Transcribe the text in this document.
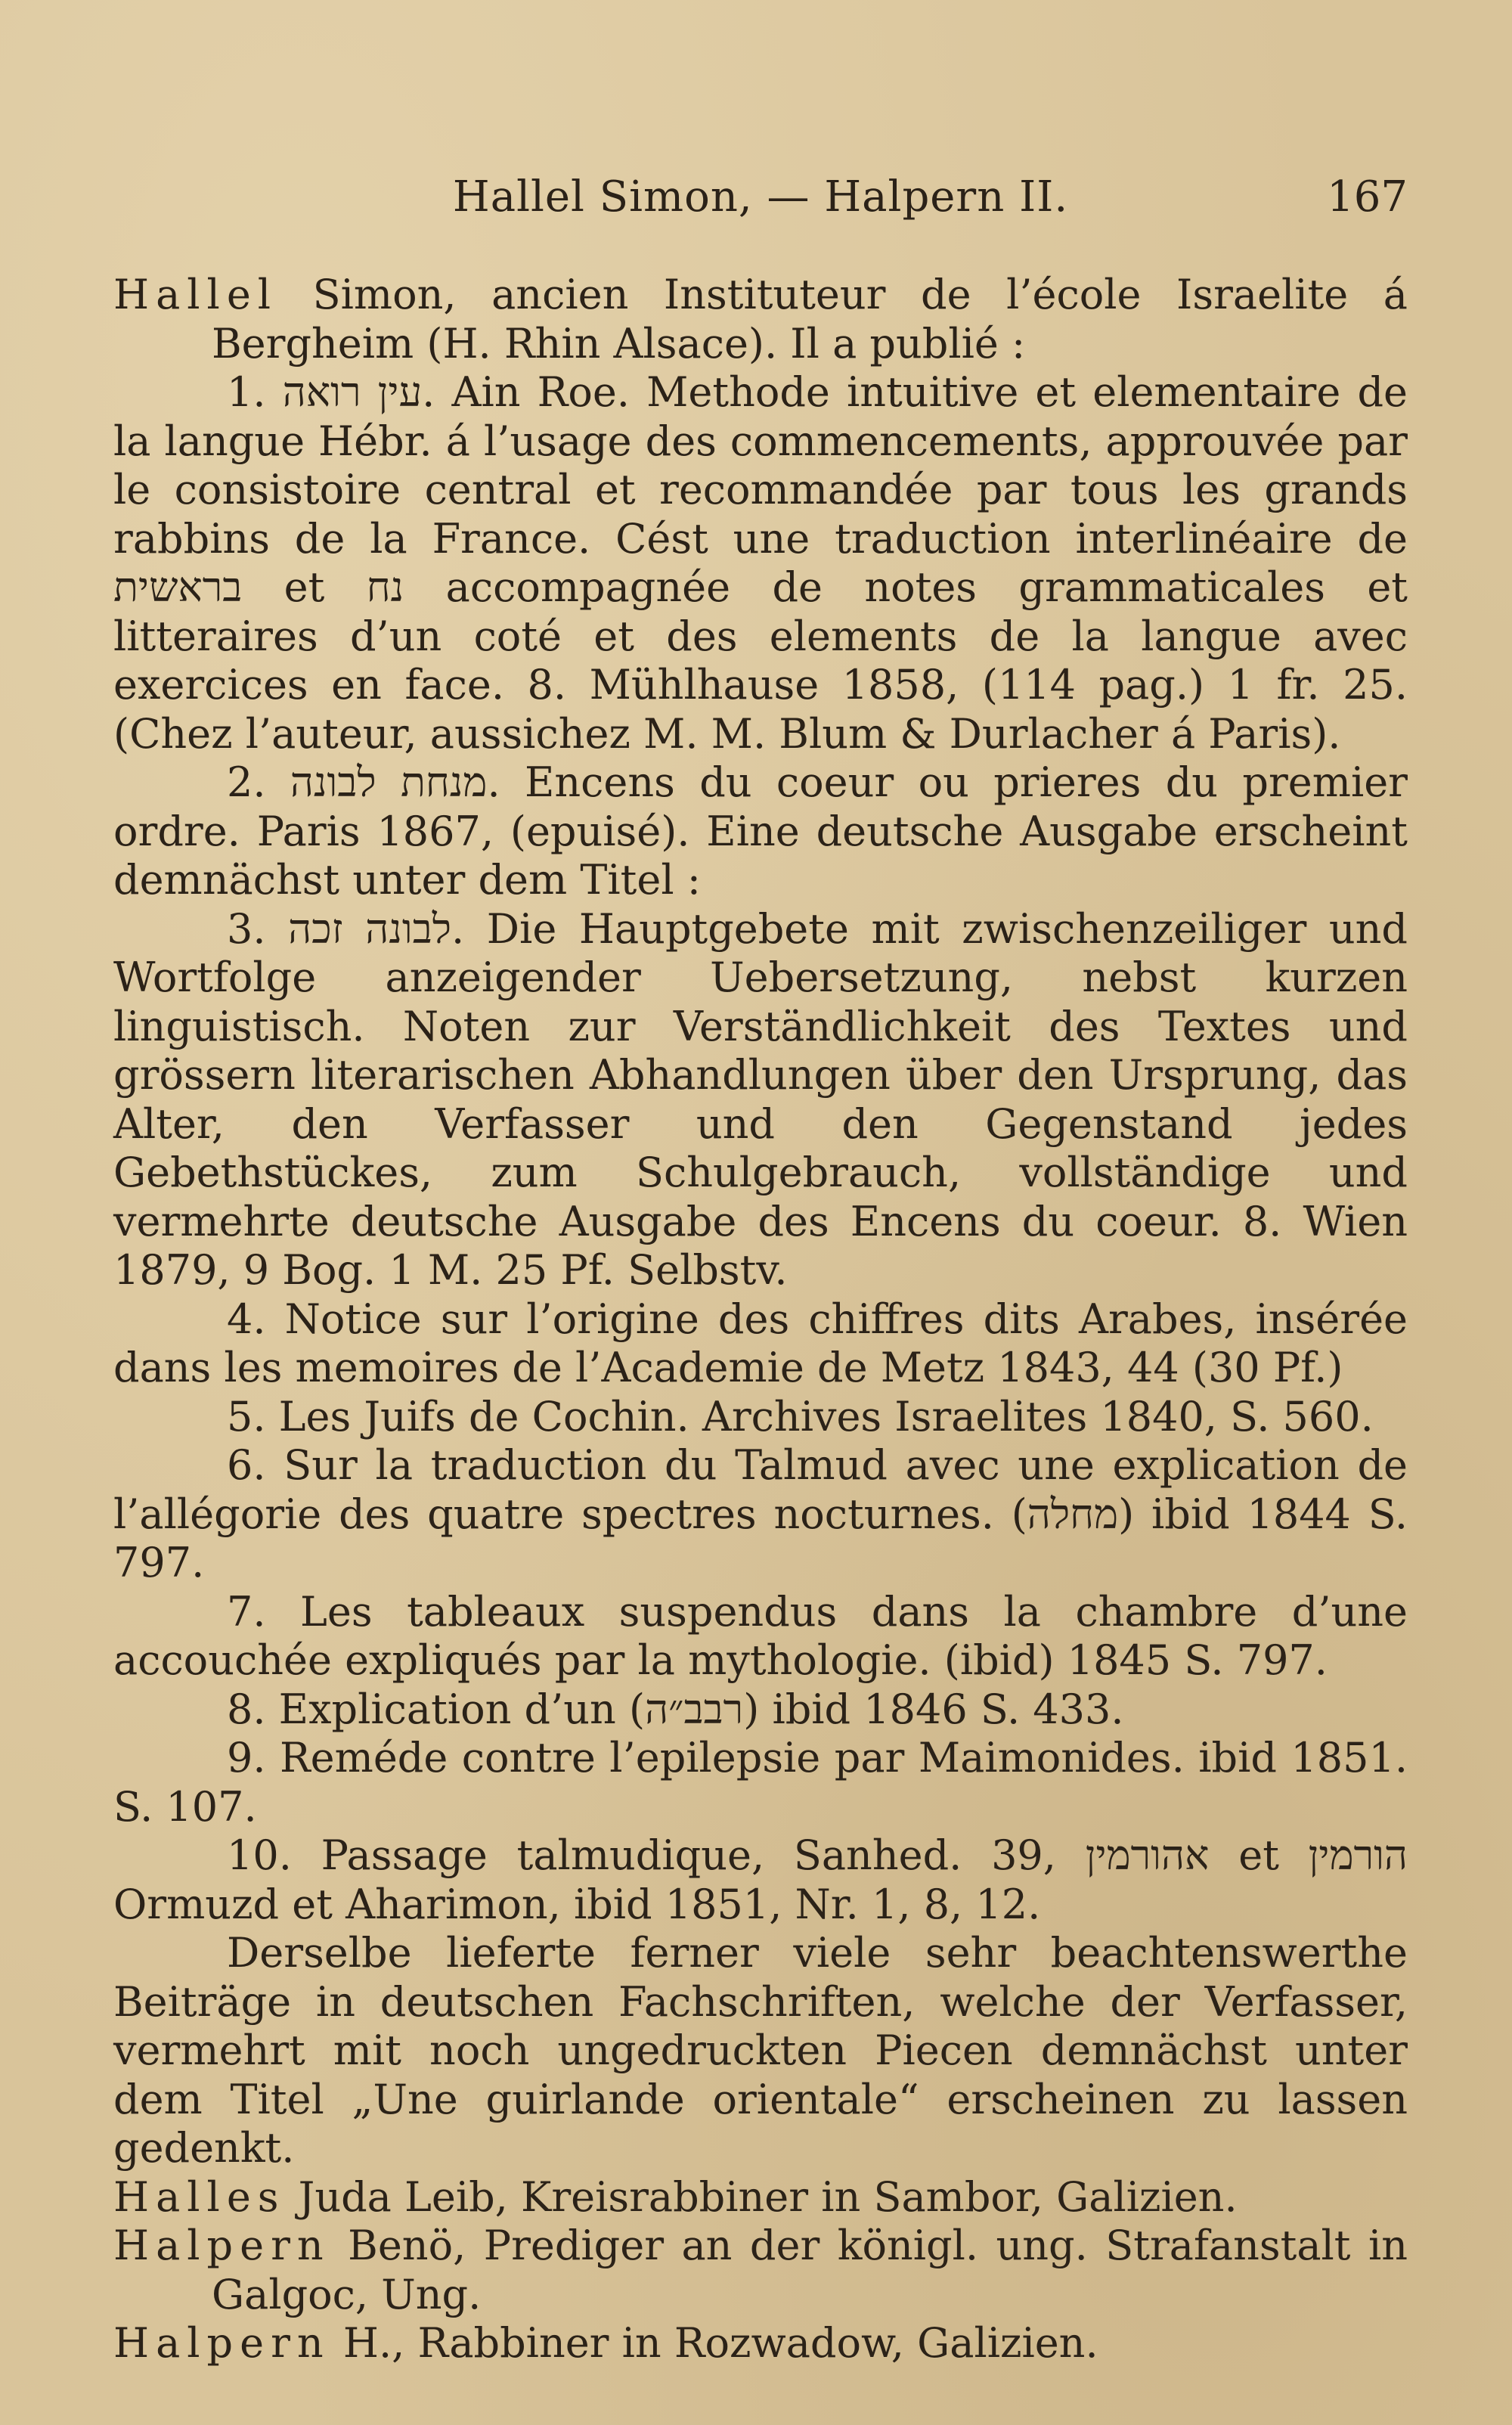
Hallel Simon, — Halpern II.	167

Hallel Simon, ancien Instituteur de l’école Israelite á Bergheim (H. Rhin Alsace). Il a publié :

1. עין רואה. Ain Roe. Methode intuitive et elementaire de la langue Hébr. á l’usage des commencements, approuvée par le consistoire central et recommandée par tous les grands rabbins de la France. Cést une traduction interlinéaire de בראשית et נח accompagnée de notes grammaticales et litteraires d’un coté et des elements de la langue avec exercices en face. 8. Mühlhause 1858, (114 pag.) 1 fr. 25. (Chez l’auteur, aussichez M. M. Blum & Durlacher á Paris).

2. מנחת לבונה. Encens du coeur ou prieres du premier ordre. Paris 1867, (epuisé). Eine deutsche Ausgabe erscheint demnächst unter dem Titel :

3. לבונה זכה. Die Hauptgebete mit zwischenzeiliger und Wortfolge anzeigender Uebersetzung, nebst kurzen linguistisch. Noten zur Verständlichkeit des Textes und grössern literarischen Abhandlungen über den Ursprung, das Alter, den Verfasser und den Gegenstand jedes Gebethstückes, zum Schulgebrauch, vollständige und vermehrte deutsche Ausgabe des Encens du coeur. 8. Wien 1879, 9 Bog. 1 M. 25 Pf. Selbstv.

4. Notice sur l’origine des chiffres dits Arabes, insérée dans les memoires de l’Academie de Metz 1843, 44 (30 Pf.)

5. Les Juifs de Cochin. Archives Israelites 1840, S. 560.

6. Sur la traduction du Talmud avec une explication de l’allégorie des quatre spectres nocturnes. (מחלה) ibid 1844 S. 797.

7. Les tableaux suspendus dans la chambre d’une accouchée expliqués par la mythologie. (ibid) 1845 S. 797.

8. Explication d’un (רבב״ה) ibid 1846 S. 433.

9. Reméde contre l’epilepsie par Maimonides. ibid 1851. S. 107.

10. Passage talmudique, Sanhed. 39, אהורמין et הורמין Ormuzd et Aharimon, ibid 1851, Nr. 1, 8, 12.

Derselbe lieferte ferner viele sehr beachtenswerthe Beiträge in deutschen Fachschriften, welche der Verfasser, vermehrt mit noch ungedruckten Piecen demnächst unter dem Titel „Une guirlande orientale“ erscheinen zu lassen gedenkt.

Halles Juda Leib, Kreisrabbiner in Sambor, Galizien.

Halpern Benö, Prediger an der königl. ung. Strafanstalt in Galgoc, Ung.

Halpern H., Rabbiner in Rozwadow, Galizien.
